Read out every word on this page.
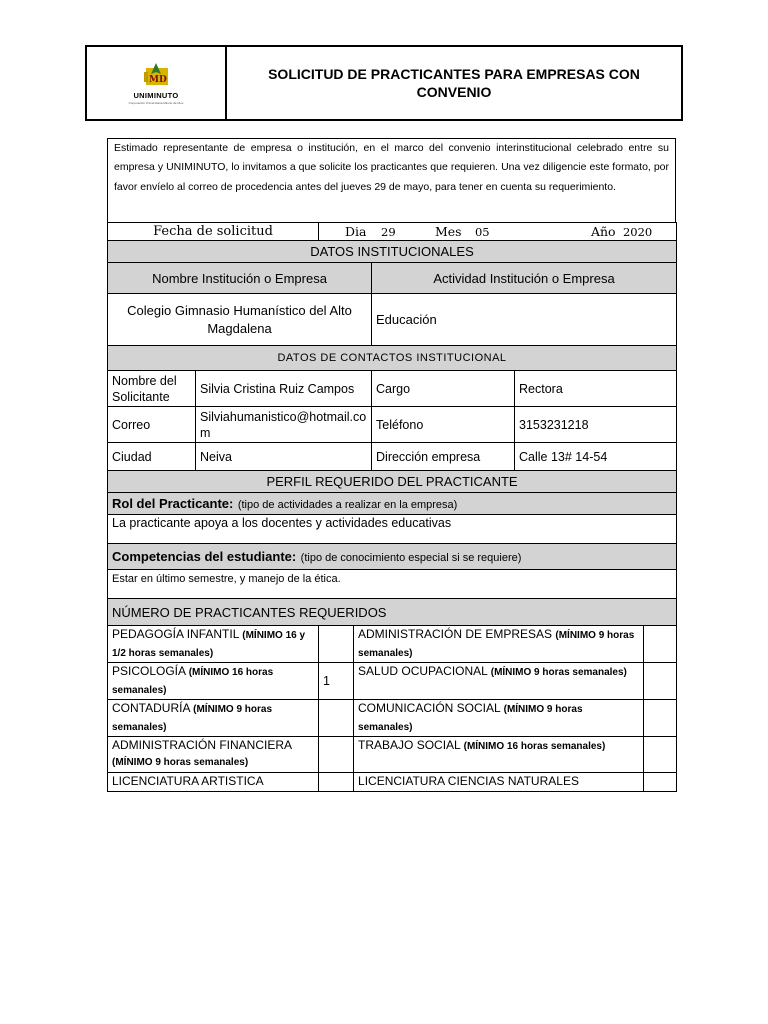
MD
UNIMINUTO
Corporación Universitaria Minuto de Dios
SOLICITUD DE PRACTICANTES PARA EMPRESAS CON CONVENIO

Estimado representante de empresa o institución, en el marco del convenio interinstitucional celebrado entre su empresa y UNIMINUTO, lo invitamos a que solicite los practicantes que requieren. Una vez diligencie este formato, por favor envíelo al correo de procedencia antes del jueves 29 de mayo, para tener en cuenta su requerimiento.

Fecha de solicitud		Dia 29 Mes 05 Año 2020				
DATOS INSTITUCIONALES						
Nombre Institución o Empresa				Actividad Institución o Empresa		
Colegio Gimnasio Humanístico del Alto Magdalena				Educación		
DATOS DE CONTACTOS INSTITUCIONAL						
Nombre del Solicitante	Silvia Cristina Ruiz Campos			Cargo	Rectora	
Correo	Silviahumanistico@hotmail.com			Teléfono	3153231218	
Ciudad	Neiva			Dirección empresa	Calle 13# 14-54	
PERFIL REQUERIDO DEL PRACTICANTE						
Rol del Practicante: (tipo de actividades a realizar en la empresa)						
La practicante apoya a los docentes y actividades educativas						
Competencias del estudiante: (tipo de conocimiento especial si se requiere)						
Estar en último semestre, y manejo de la ética.						
NÚMERO DE PRACTICANTES REQUERIDOS						
PEDAGOGÍA INFANTIL (MÍNIMO 16 y 1/2 horas semanales)			ADMINISTRACIÓN DE EMPRESAS (MÍNIMO 9 horas semanales)			
PSICOLOGÍA (MÍNIMO 16 horas semanales)		1	SALUD OCUPACIONAL (MÍNIMO 9 horas semanales)			
CONTADURÍA (MÍNIMO 9 horas semanales)			COMUNICACIÓN SOCIAL (MÍNIMO 9 horas semanales)			
ADMINISTRACIÓN FINANCIERA (MÍNIMO 9 horas semanales)			TRABAJO SOCIAL (MÍNIMO 16 horas semanales)			
LICENCIATURA ARTISTICA			LICENCIATURA CIENCIAS NATURALES			
